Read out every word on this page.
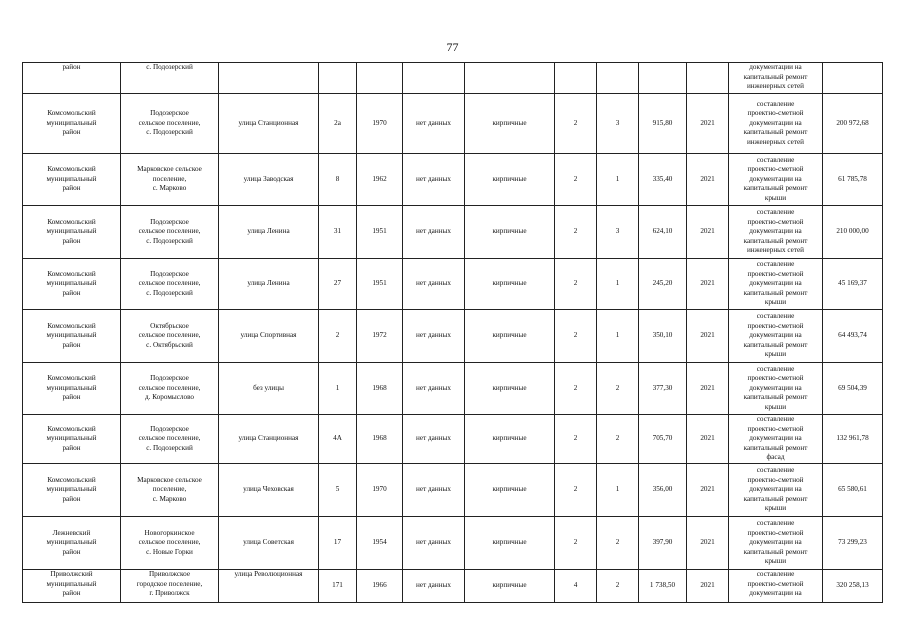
77
район	с. Подозерский										документации на
капитальный ремонт
инженерных сетей	
Комсомольский
муниципальный
район	Подозерское
сельское поселение,
с. Подозерский	улица Станционная	2а	1970	нет данных	кирпичные	2	3	915,80	2021	составление
проектно-сметной
документации на
капитальный ремонт
инженерных сетей	200 972,68
Комсомольский
муниципальный
район	Марковское сельское
поселение,
с. Марково	улица Заводская	8	1962	нет данных	кирпичные	2	1	335,40	2021	составление
проектно-сметной
документации на
капитальный ремонт
крыши	61 785,78
Комсомольский
муниципальный
район	Подозерское
сельское поселение,
с. Подозерский	улица Ленина	31	1951	нет данных	кирпичные	2	3	624,10	2021	составление
проектно-сметной
документации на
капитальный ремонт
инженерных сетей	210 000,00
Комсомольский
муниципальный
район	Подозерское
сельское поселение,
с. Подозерский	улица Ленина	27	1951	нет данных	кирпичные	2	1	245,20	2021	составление
проектно-сметной
документации на
капитальный ремонт
крыши	45 169,37
Комсомольский
муниципальный
район	Октябрьское
сельское поселение,
с. Октябрьский	улица Спортивная	2	1972	нет данных	кирпичные	2	1	350,10	2021	составление
проектно-сметной
документации на
капитальный ремонт
крыши	64 493,74
Комсомольский
муниципальный
район	Подозерское
сельское поселение,
д. Коромыслово	без улицы	1	1968	нет данных	кирпичные	2	2	377,30	2021	составление
проектно-сметной
документации на
капитальный ремонт
крыши	69 504,39
Комсомольский
муниципальный
район	Подозерское
сельское поселение,
с. Подозерский	улица Станционная	4А	1968	нет данных	кирпичные	2	2	705,70	2021	составление
проектно-сметной
документации на
капитальный ремонт
фасад	132 961,78
Комсомольский
муниципальный
район	Марковское сельское
поселение,
с. Марково	улица Чеховская	5	1970	нет данных	кирпичные	2	1	356,00	2021	составление
проектно-сметной
документации на
капитальный ремонт
крыши	65 580,61
Лежневский
муниципальный
район	Новогоркинское
сельское поселение,
с. Новые Горки	улица Советская	17	1954	нет данных	кирпичные	2	2	397,90	2021	составление
проектно-сметной
документации на
капитальный ремонт
крыши	73 299,23
Приволжский
муниципальный
район	Приволжское
городское поселение,
г. Приволжск	улица Революционная	171	1966	нет данных	кирпичные	4	2	1 738,50	2021	составление
проектно-сметной
документации на	320 258,13
